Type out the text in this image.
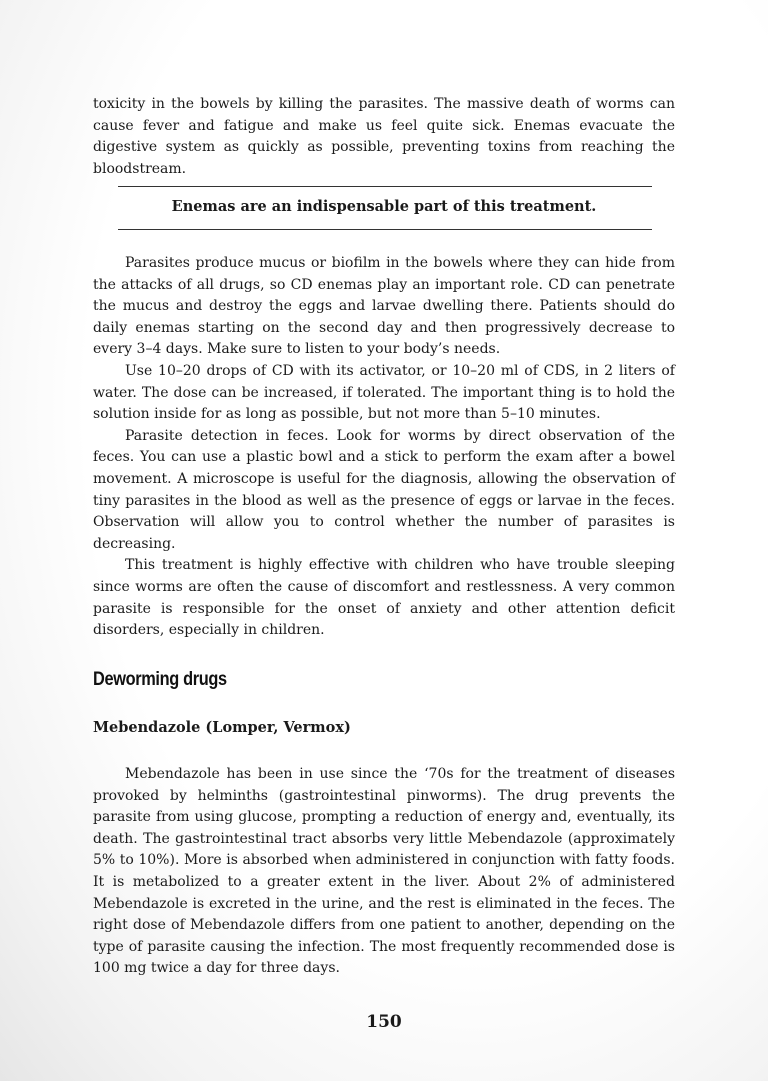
toxicity in the bowels by killing the parasites. The massive death of worms can cause fever and fatigue and make us feel quite sick. Enemas evacuate the digestive system as quickly as possible, preventing toxins from reaching the bloodstream.

Enemas are an indispensable part of this treatment.

Parasites produce mucus or biofilm in the bowels where they can hide from the attacks of all drugs, so CD enemas play an important role. CD can penetrate the mucus and destroy the eggs and larvae dwelling there. Patients should do daily enemas starting on the second day and then progressively decrease to every 3–4 days. Make sure to listen to your body’s needs.

Use 10–20 drops of CD with its activator, or 10–20 ml of CDS, in 2 liters of water. The dose can be increased, if tolerated. The important thing is to hold the solution inside for as long as possible, but not more than 5–10 minutes.

Parasite detection in feces. Look for worms by direct observation of the feces. You can use a plastic bowl and a stick to perform the exam after a bowel movement. A microscope is useful for the diagnosis, allowing the observation of tiny parasites in the blood as well as the presence of eggs or larvae in the feces. Observation will allow you to control whether the number of parasites is decreasing.

This treatment is highly effective with children who have trouble sleeping since worms are often the cause of discomfort and restlessness. A very common parasite is responsible for the onset of anxiety and other attention deficit disorders, especially in children.

Deworming drugs
Mebendazole (Lomper, Vermox)

Mebendazole has been in use since the ‘70s for the treatment of diseases provoked by helminths (gastrointestinal pinworms). The drug prevents the parasite from using glucose, prompting a reduction of energy and, eventually, its death. The gastrointestinal tract absorbs very little Mebendazole (approximately 5% to 10%). More is absorbed when administered in conjunction with fatty foods. It is metabolized to a greater extent in the liver. About 2% of administered Mebendazole is excreted in the urine, and the rest is eliminated in the feces. The right dose of Mebendazole differs from one patient to another, depending on the type of parasite causing the infection. The most frequently recommended dose is 100 mg twice a day for three days.

150
